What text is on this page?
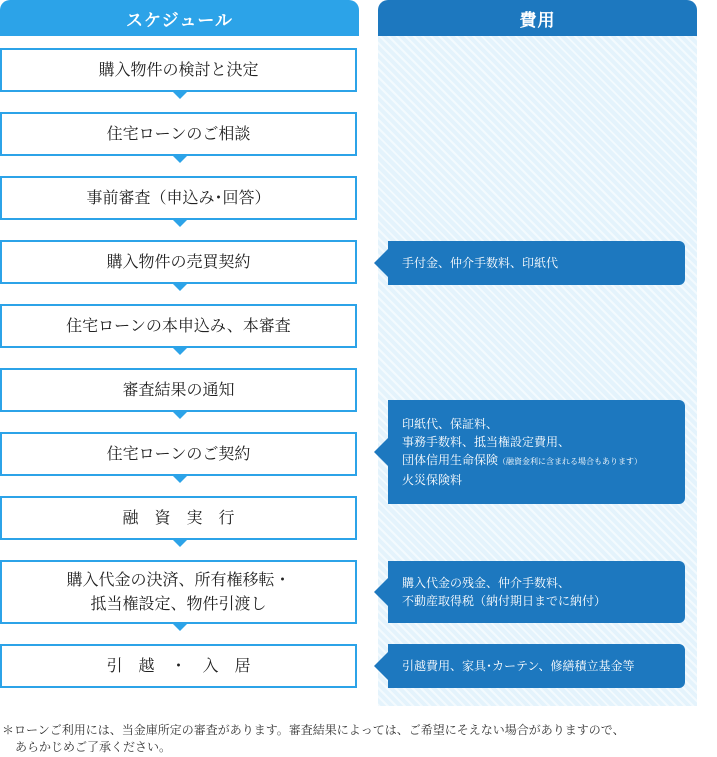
スケジュール	費用
購入物件の検討と決定
住宅ローンのご相談
事前審査（申込み･回答）
購入物件の売買契約
住宅ローンの本申込み、本審査
審査結果の通知
住宅ローンのご契約
融　資　実　行
購入代金の決済、所有権移転・
抵当権設定、物件引渡し
引　越　・　入　居
手付金、仲介手数料、印紙代
印紙代、保証料、
事務手数料、抵当権設定費用、
団体信用生命保険（融資金利に含まれる場合もあります）
火災保険料
購入代金の残金、仲介手数料、
不動産取得税（納付期日までに納付）
引越費用、家具･カーテン、修繕積立基金等
＊ローンご利用には、当金庫所定の審査があります。審査結果によっては、ご希望にそえない場合がありますので、
あらかじめご了承ください。
